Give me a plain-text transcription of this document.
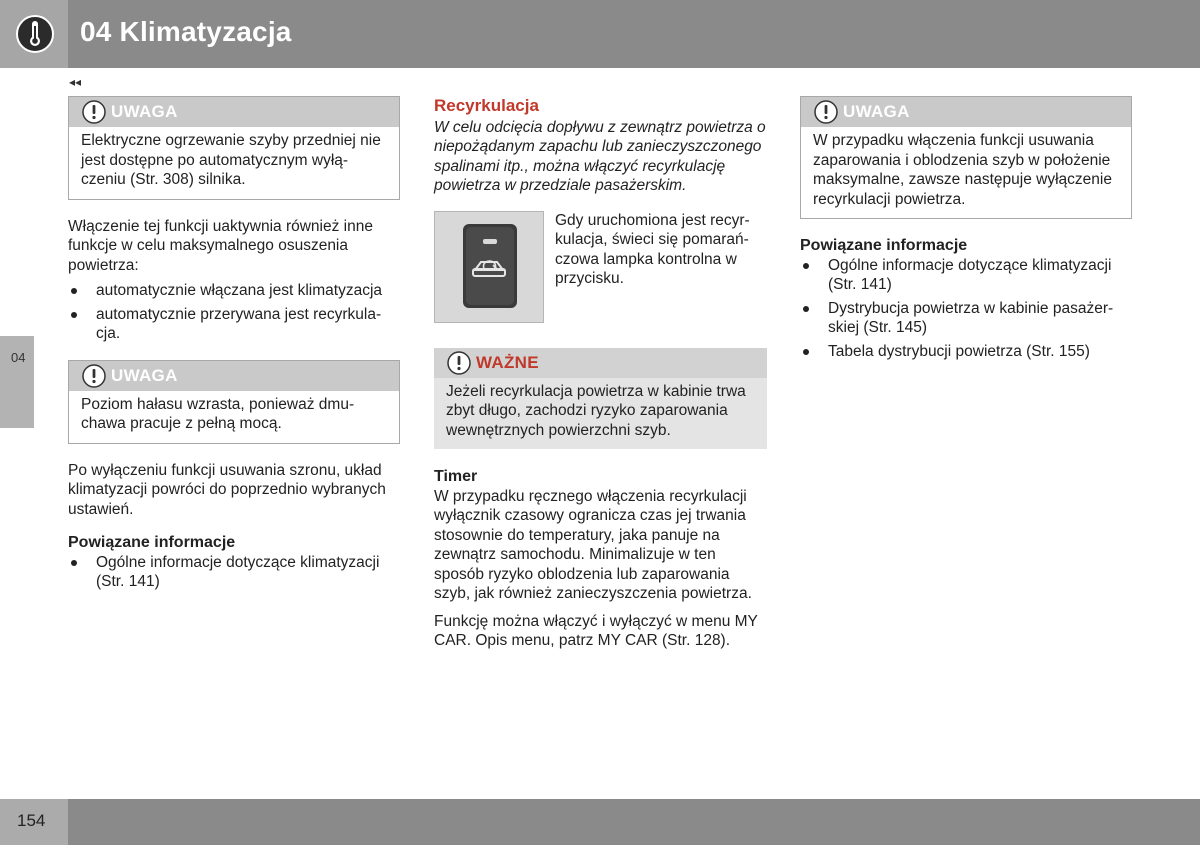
04 Klimatyzacja
◂◂
04
UWAGA
Elektryczne ogrzewanie szyby przedniej nie jest dostępne po automatycznym wyłączeniu (Str. 308) silnika.

Włączenie tej funkcji uaktywnia również inne funkcje w celu maksymalnego osuszenia powietrza:

automatycznie włączana jest klimatyzacja
automatycznie przerywana jest recyrkulacja.
UWAGA
Poziom hałasu wzrasta, ponieważ dmuchawa pracuje z pełną mocą.

Po wyłączeniu funkcji usuwania szronu, układ klimatyzacji powróci do poprzednio wybranych ustawień.

Powiązane informacje

Ogólne informacje dotyczące klimatyzacji (Str. 141)

Recyrkulacja

W celu odcięcia dopływu z zewnątrz powietrza o niepożądanym zapachu lub zanieczyszczonego spalinami itp., można włączyć recyrkulację powietrza w przedziale pasażerskim.

Gdy uruchomiona jest recyrkulacja, świeci się pomarańczowa lampka kontrolna w przycisku.

WAŻNE
Jeżeli recyrkulacja powietrza w kabinie trwa zbyt długo, zachodzi ryzyko zaparowania wewnętrznych powierzchni szyb.

Timer

W przypadku ręcznego włączenia recyrkulacji wyłącznik czasowy ogranicza czas jej trwania stosownie do temperatury, jaka panuje na zewnątrz samochodu. Minimalizuje w ten sposób ryzyko oblodzenia lub zaparowania szyb, jak również zanieczyszczenia powietrza.

Funkcję można włączyć i wyłączyć w menu MY CAR. Opis menu, patrz MY CAR (Str. 128).

UWAGA
W przypadku włączenia funkcji usuwania zaparowania i oblodzenia szyb w położenie maksymalne, zawsze następuje wyłączenie recyrkulacji powietrza.

Powiązane informacje

Ogólne informacje dotyczące klimatyzacji (Str. 141)
Dystrybucja powietrza w kabinie pasażerskiej (Str. 145)
Tabela dystrybucji powietrza (Str. 155)
154
